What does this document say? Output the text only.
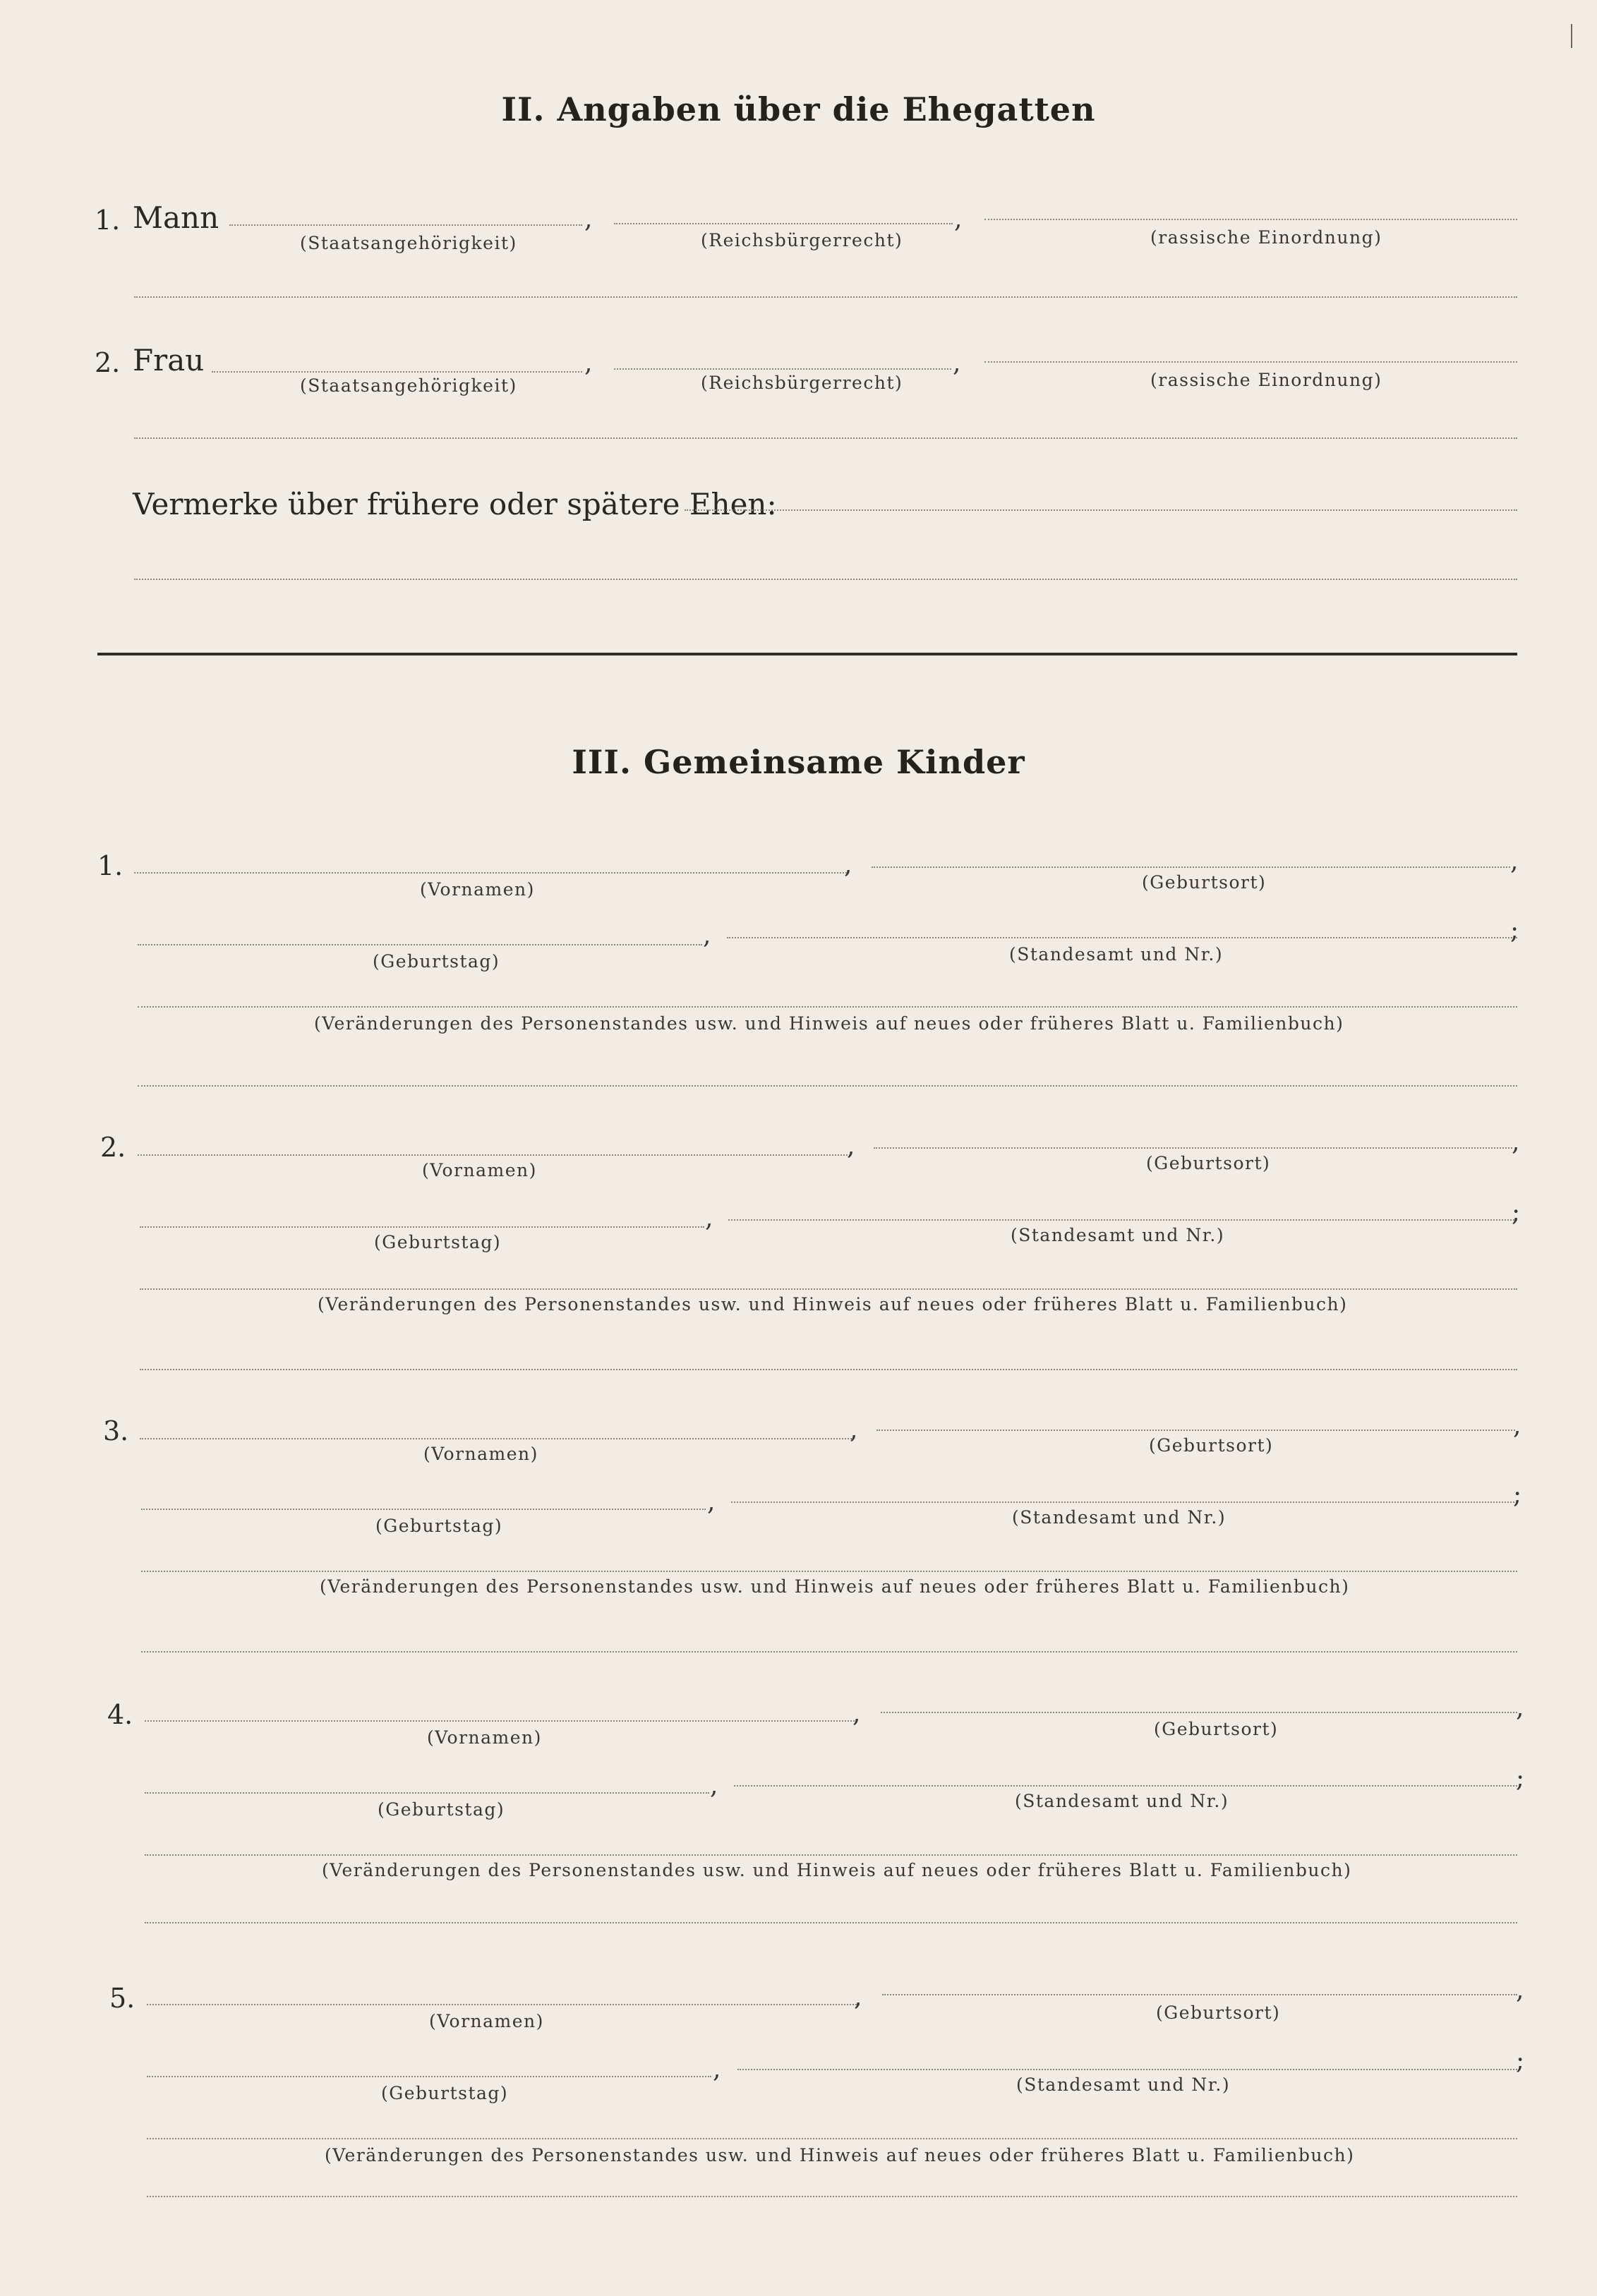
II. Angaben über die Ehegatten
1. Mann	,	,
(Staatsangehörigkeit)	(Reichsbürgerrecht)	(rassische Einordnung)
2. Frau	,	,
(Staatsangehörigkeit)	(Reichsbürgerrecht)	(rassische Einordnung)
Vermerke über frühere oder spätere Ehen:
III. Gemeinsame Kinder
1.	,	,
(Vornamen)	(Geburtsort)
,	;
(Geburtstag)	(Standesamt und Nr.)
(Veränderungen des Personenstandes usw. und Hinweis auf neues oder früheres Blatt u. Familienbuch)
2.	,	,
(Vornamen)	(Geburtsort)
,	;
(Geburtstag)	(Standesamt und Nr.)
(Veränderungen des Personenstandes usw. und Hinweis auf neues oder früheres Blatt u. Familienbuch)
3.	,	,
(Vornamen)	(Geburtsort)
,	;
(Geburtstag)	(Standesamt und Nr.)
(Veränderungen des Personenstandes usw. und Hinweis auf neues oder früheres Blatt u. Familienbuch)
4.	,	,
(Vornamen)	(Geburtsort)
,	;
(Geburtstag)	(Standesamt und Nr.)
(Veränderungen des Personenstandes usw. und Hinweis auf neues oder früheres Blatt u. Familienbuch)
5.	,	,
(Vornamen)	(Geburtsort)
,	;
(Geburtstag)	(Standesamt und Nr.)
(Veränderungen des Personenstandes usw. und Hinweis auf neues oder früheres Blatt u. Familienbuch)
